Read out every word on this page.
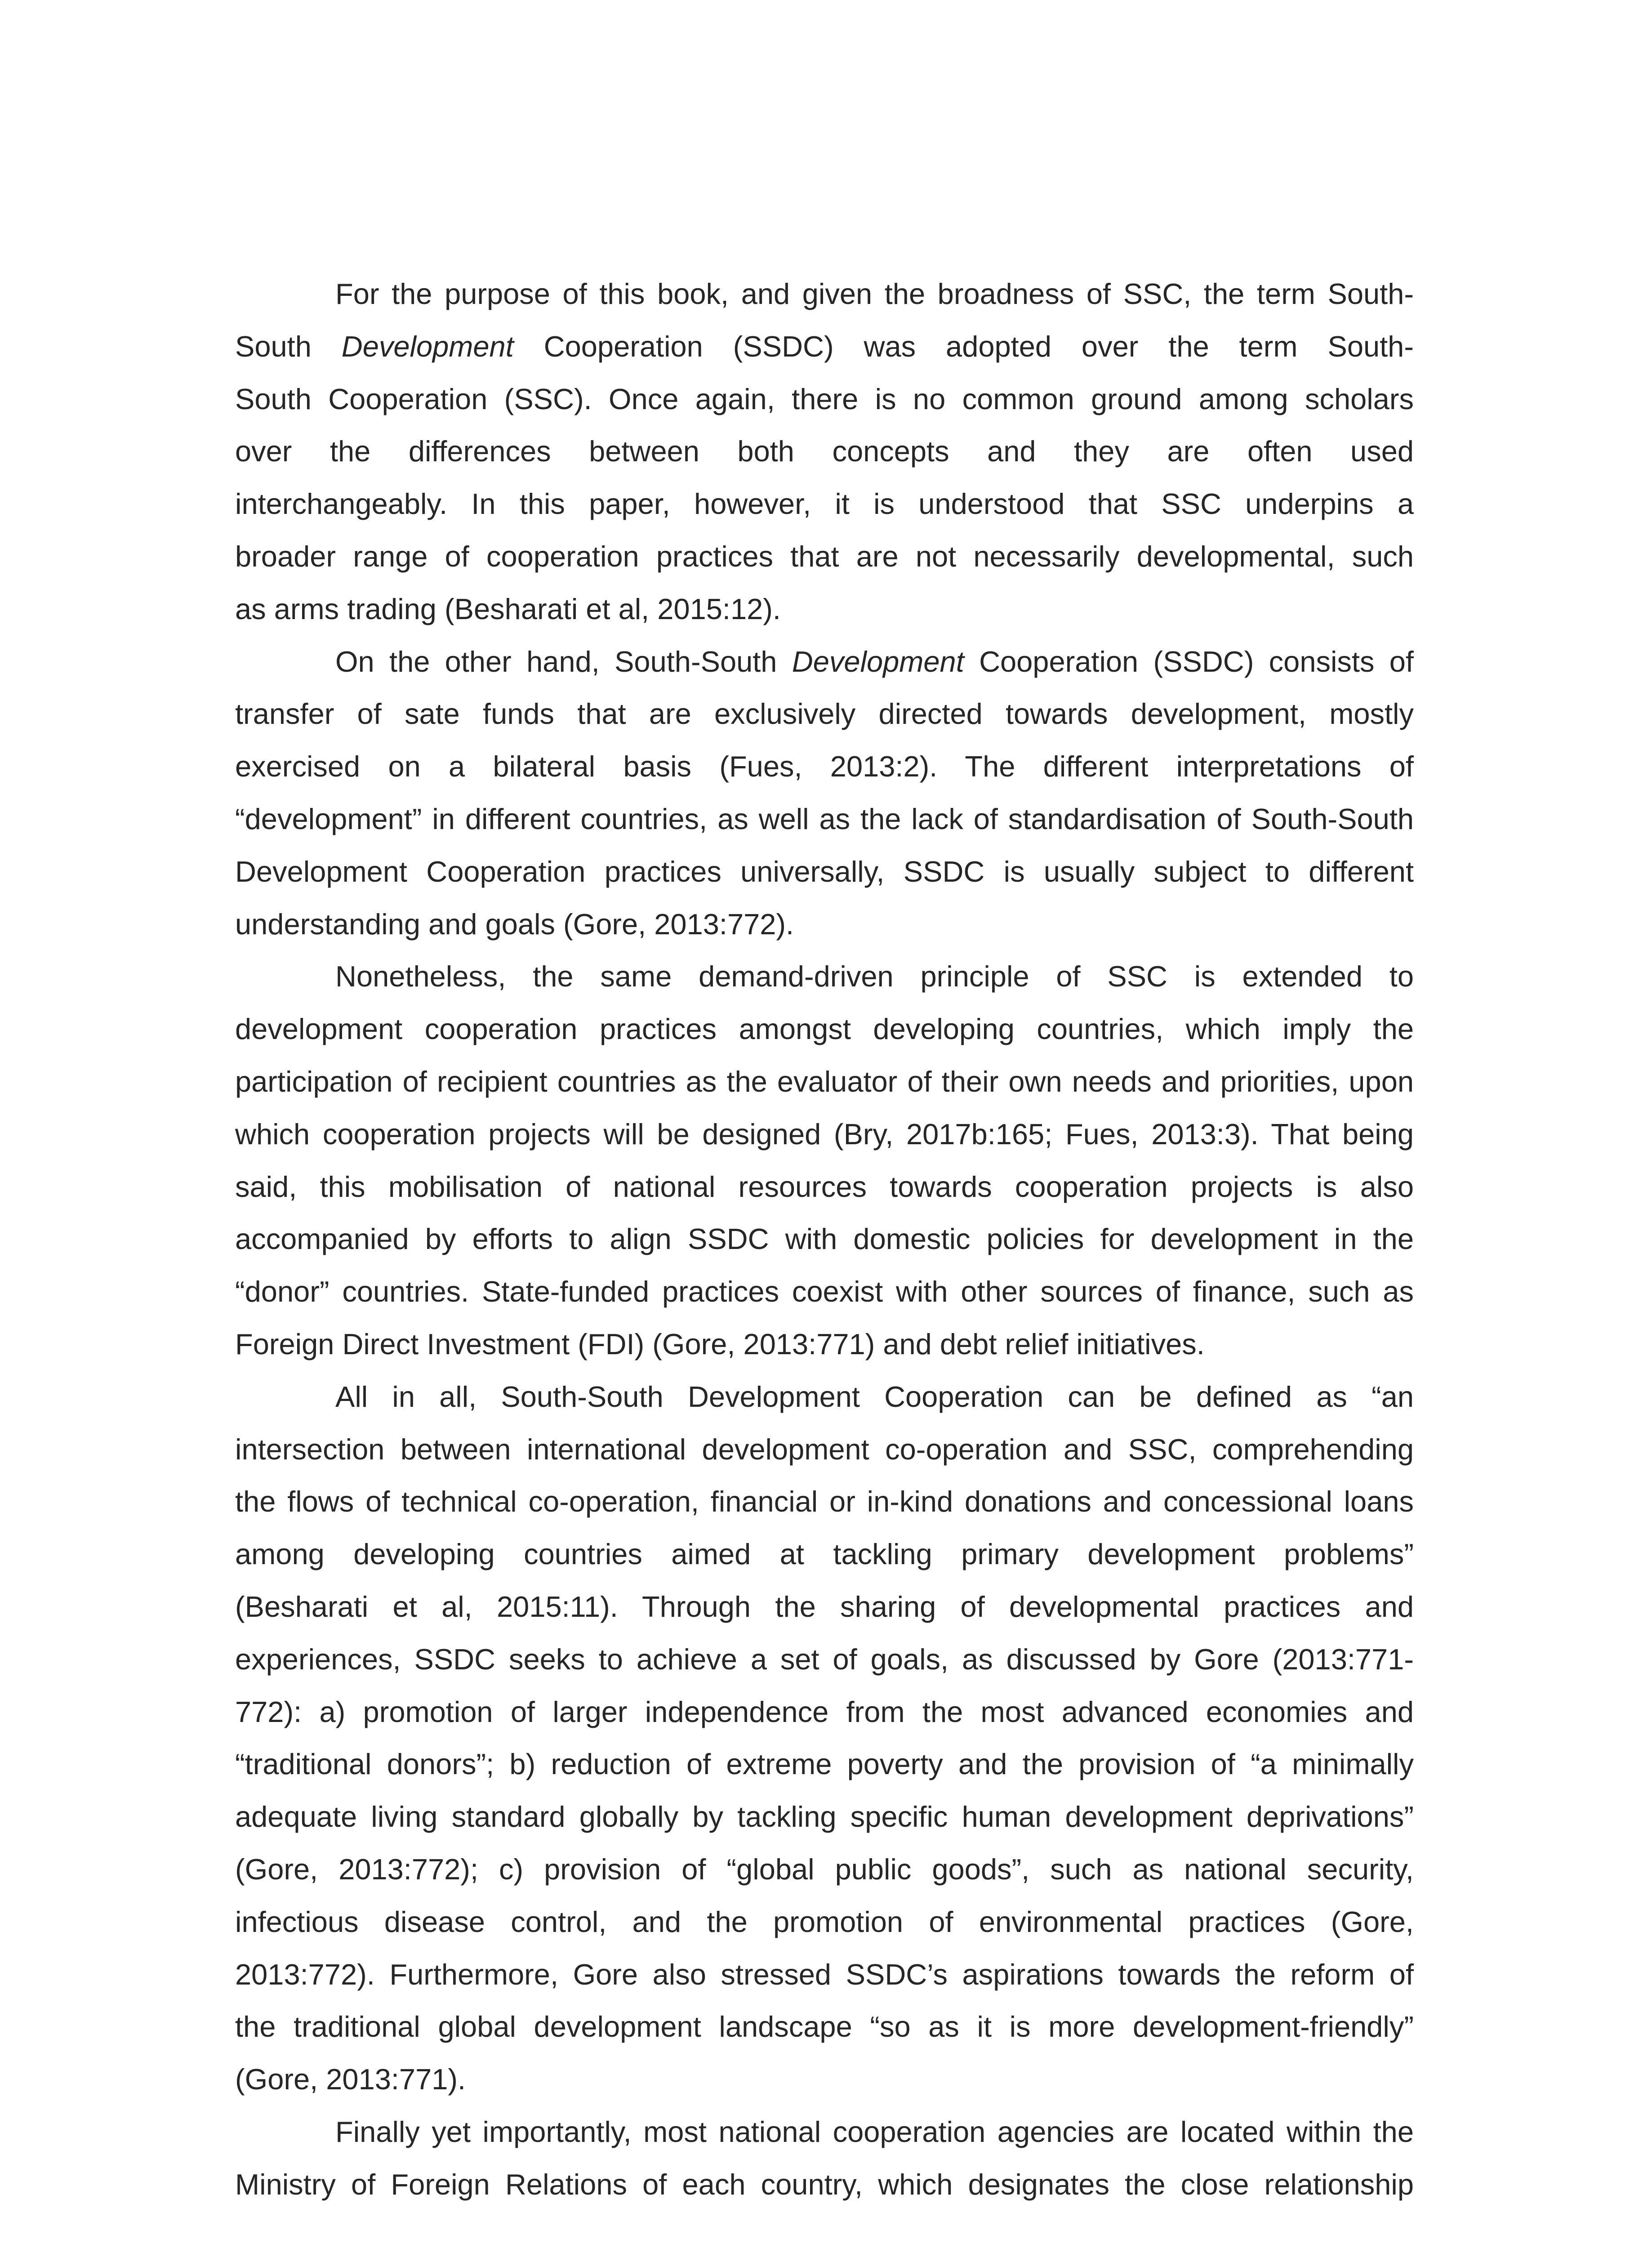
For the purpose of this book, and given the broadness of SSC, the term South-
South Development Cooperation (SSDC) was adopted over the term South-
South Cooperation (SSC). Once again, there is no common ground among scholars
over the differences between both concepts and they are often used
interchangeably. In this paper, however, it is understood that SSC underpins a
broader range of cooperation practices that are not necessarily developmental, such
as arms trading (Besharati et al, 2015:12).
On the other hand, South-South Development Cooperation (SSDC) consists of
transfer of sate funds that are exclusively directed towards development, mostly
exercised on a bilateral basis (Fues, 2013:2). The different interpretations of
“development” in different countries, as well as the lack of standardisation of South-South
Development Cooperation practices universally, SSDC is usually subject to different
understanding and goals (Gore, 2013:772).
Nonetheless, the same demand-driven principle of SSC is extended to
development cooperation practices amongst developing countries, which imply the
participation of recipient countries as the evaluator of their own needs and priorities, upon
which cooperation projects will be designed (Bry, 2017b:165; Fues, 2013:3). That being
said, this mobilisation of national resources towards cooperation projects is also
accompanied by efforts to align SSDC with domestic policies for development in the
“donor” countries. State-funded practices coexist with other sources of finance, such as
Foreign Direct Investment (FDI) (Gore, 2013:771) and debt relief initiatives.
All in all, South-South Development Cooperation can be defined as “an
intersection between international development co-operation and SSC, comprehending
the flows of technical co-operation, financial or in-kind donations and concessional loans
among developing countries aimed at tackling primary development problems”
(Besharati et al, 2015:11). Through the sharing of developmental practices and
experiences, SSDC seeks to achieve a set of goals, as discussed by Gore (2013:771-
772): a) promotion of larger independence from the most advanced economies and
“traditional donors”; b) reduction of extreme poverty and the provision of “a minimally
adequate living standard globally by tackling specific human development deprivations”
(Gore, 2013:772); c) provision of “global public goods”, such as national security,
infectious disease control, and the promotion of environmental practices (Gore,
2013:772). Furthermore, Gore also stressed SSDC’s aspirations towards the reform of
the traditional global development landscape “so as it is more development-friendly”
(Gore, 2013:771).
Finally yet importantly, most national cooperation agencies are located within the
Ministry of Foreign Relations of each country, which designates the close relationship
